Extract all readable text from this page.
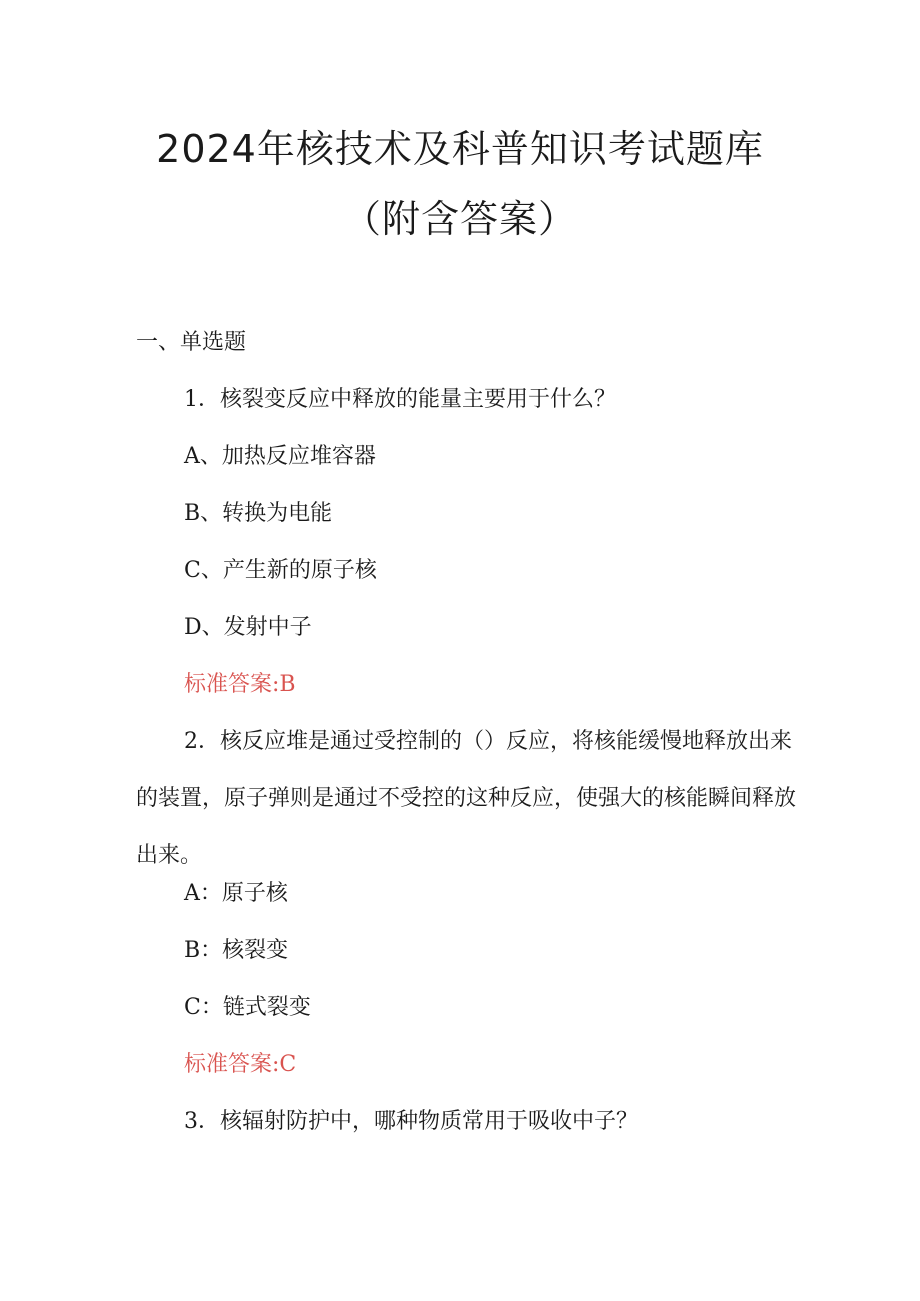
2024年核技术及科普知识考试题库
（附含答案）
一、单选题
1．核裂变反应中释放的能量主要用于什么？
A、加热反应堆容器
B、转换为电能
C、产生新的原子核
D、发射中子
标准答案:B
2．核反应堆是通过受控制的（）反应，将核能缓慢地释放出来的装置，原子弹则是通过不受控的这种反应，使强大的核能瞬间释放出来。
A：原子核
B：核裂变
C：链式裂变
标准答案:C
3．核辐射防护中，哪种物质常用于吸收中子？
